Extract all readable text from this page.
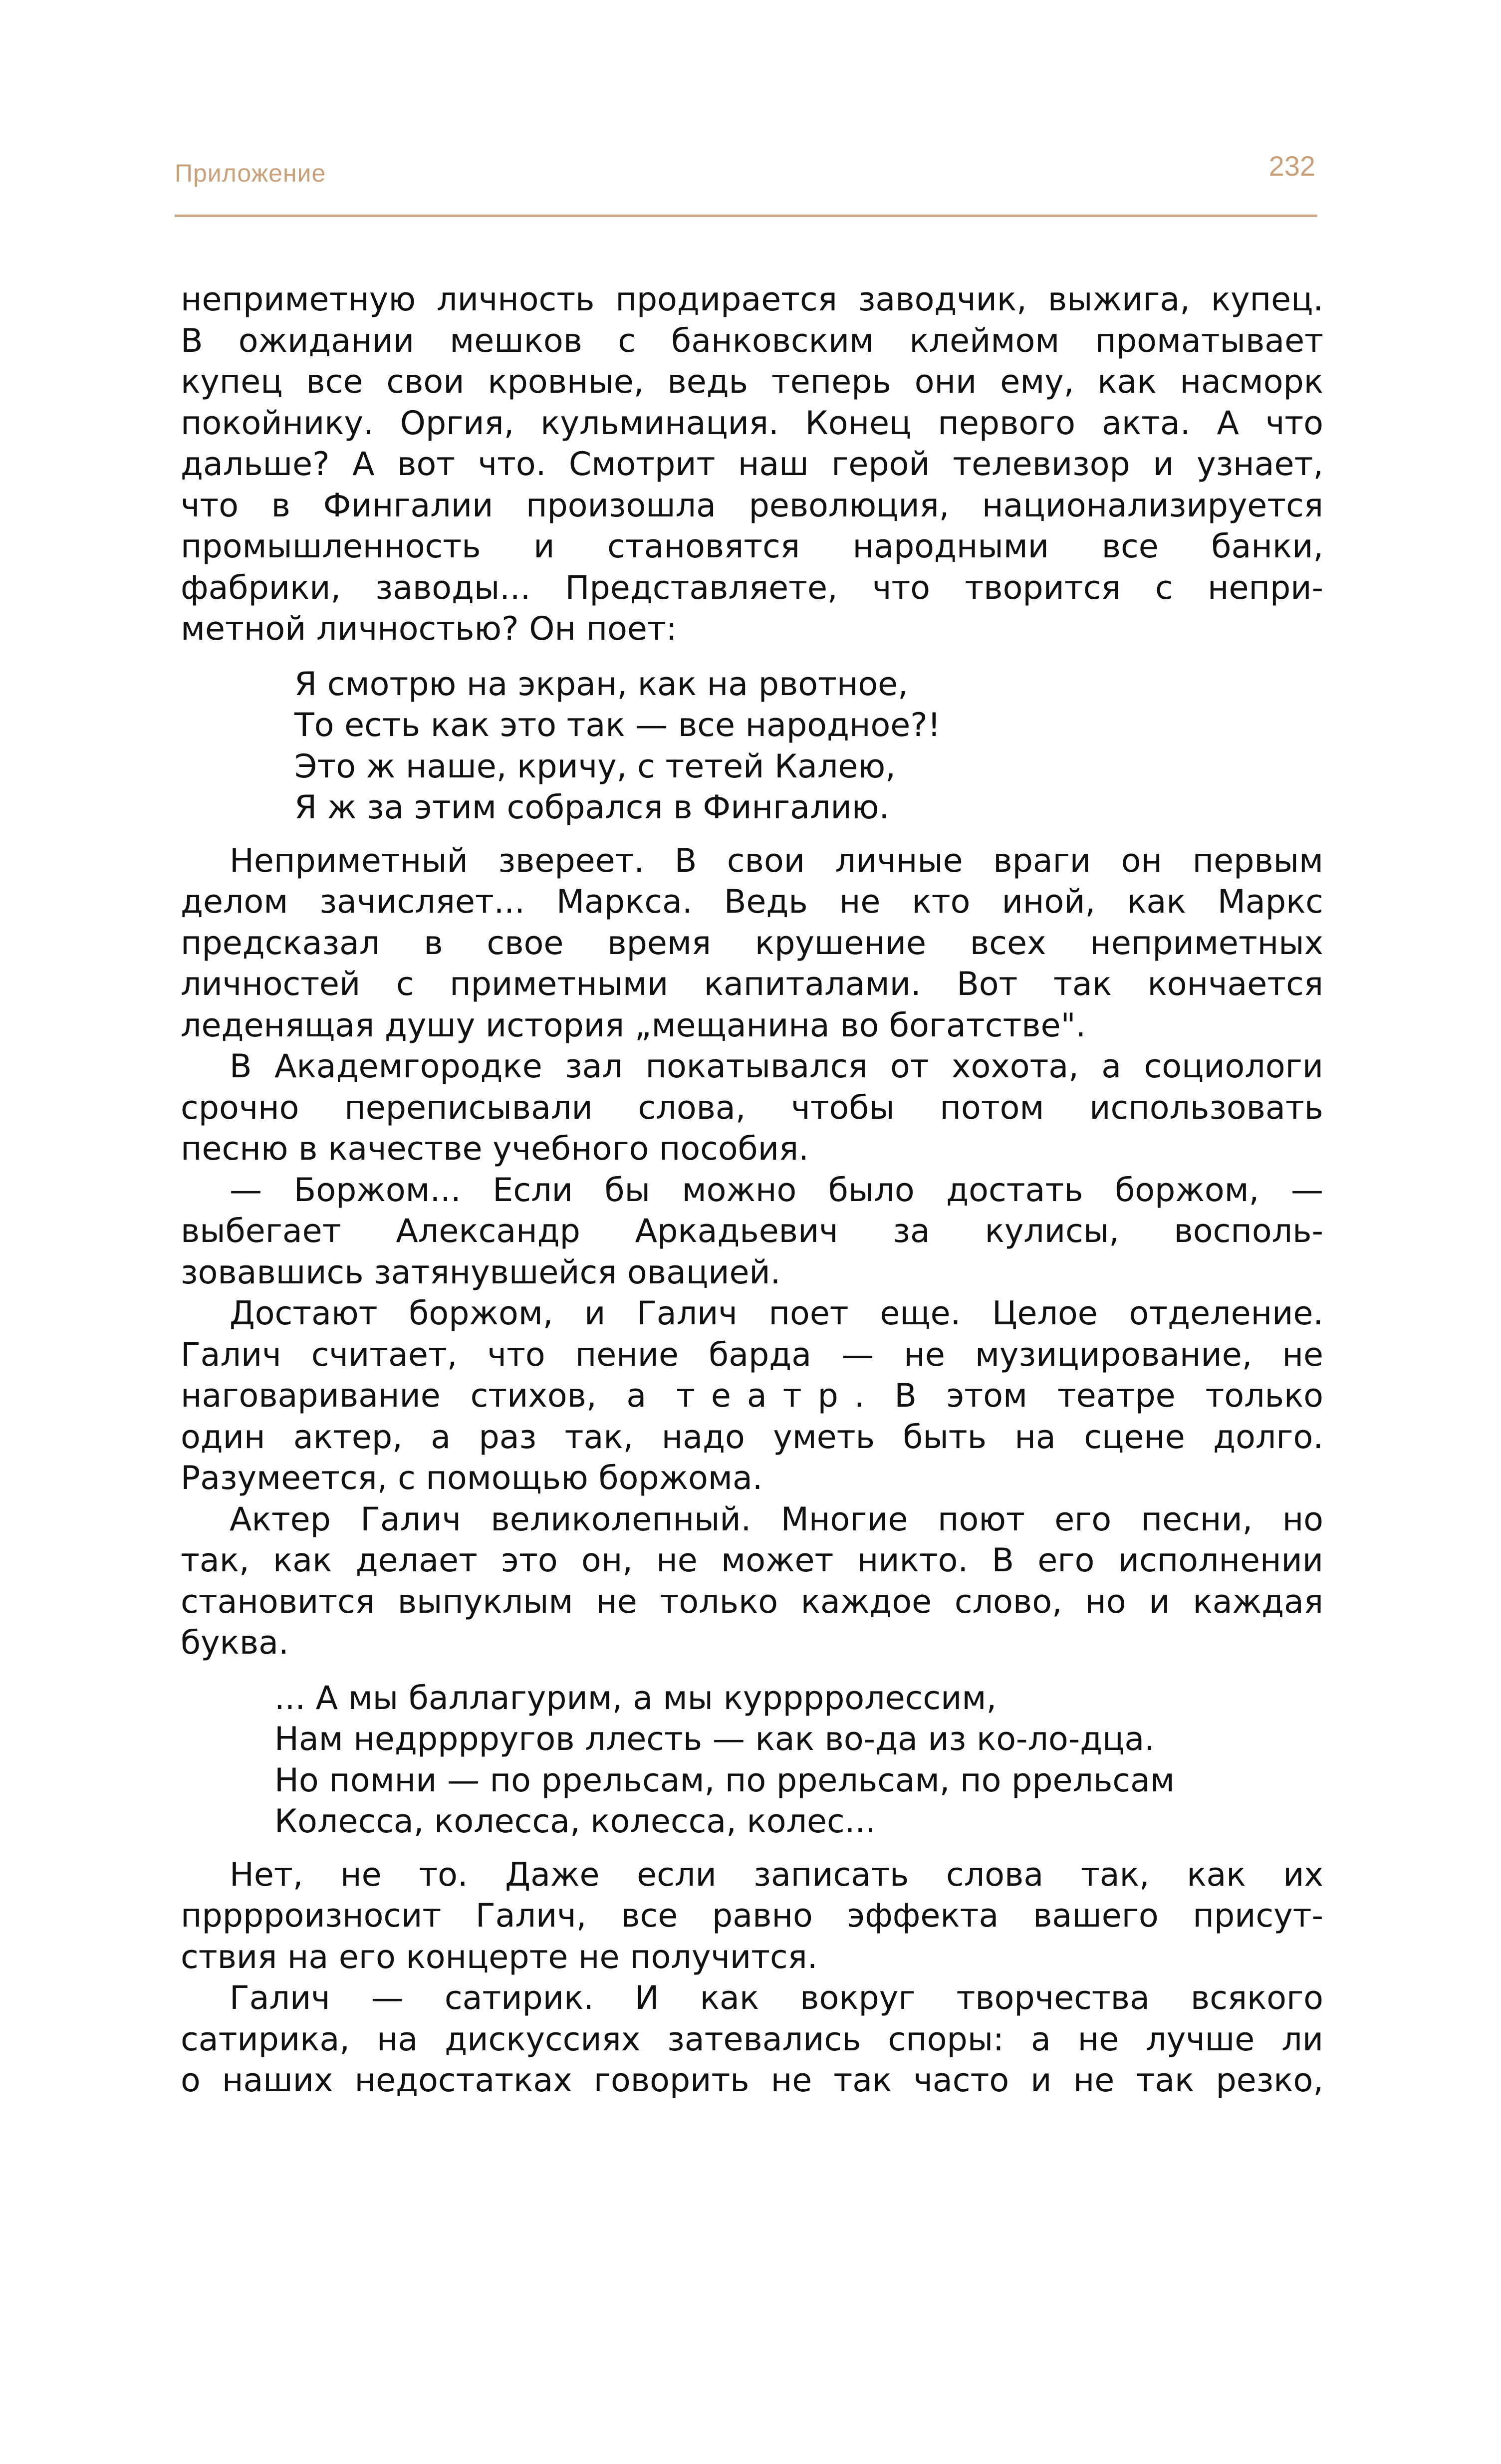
Приложение	232
неприметную личность продирается заводчик, выжига, купец.
В ожидании мешков с банковским клеймом проматывает
купец все свои кровные, ведь теперь они ему, как насморк
покойнику. Оргия, кульминация. Конец первого акта. А что
дальше? А вот что. Смотрит наш герой телевизор и узнает,
что в Фингалии произошла революция, национализируется
промышленность и становятся народными все банки,
фабрики, заводы... Представляете, что творится с непри-
метной личностью? Он поет:
Я смотрю на экран, как на рвотное,
То есть как это так — все народное?!
Это ж наше, кричу, с тетей Калею,
Я ж за этим собрался в Фингалию.
Неприметный звереет. В свои личные враги он первым
делом зачисляет... Маркса. Ведь не кто иной, как Маркс
предсказал в свое время крушение всех неприметных
личностей с приметными капиталами. Вот так кончается
леденящая душу история „мещанина во богатстве".
В Академгородке зал покатывался от хохота, а социологи
срочно переписывали слова, чтобы потом использовать
песню в качестве учебного пособия.
— Боржом... Если бы можно было достать боржом, —
выбегает Александр Аркадьевич за кулисы, восполь-
зовавшись затянувшейся овацией.
Достают боржом, и Галич поет еще. Целое отделение.
Галич считает, что пение барда — не музицирование, не
наговаривание стихов, а театр. В этом театре только
один актер, а раз так, надо уметь быть на сцене долго.
Разумеется, с помощью боржома.
Актер Галич великолепный. Многие поют его песни, но
так, как делает это он, не может никто. В его исполнении
становится выпуклым не только каждое слово, но и каждая
буква.
... А мы баллагурим, а мы курррролессим,
Нам недрррругов ллесть — как во-да из ко-ло-дца.
Но помни — по ррельсам, по ррельсам, по ррельсам
Колесса, колесса, колесса, колес...
Нет, не то. Даже если записать слова так, как их
прррроизносит Галич, все равно эффекта вашего присут-
ствия на его концерте не получится.
Галич — сатирик. И как вокруг творчества всякого
сатирика, на дискуссиях затевались споры: а не лучше ли
о наших недостатках говорить не так часто и не так резко,
